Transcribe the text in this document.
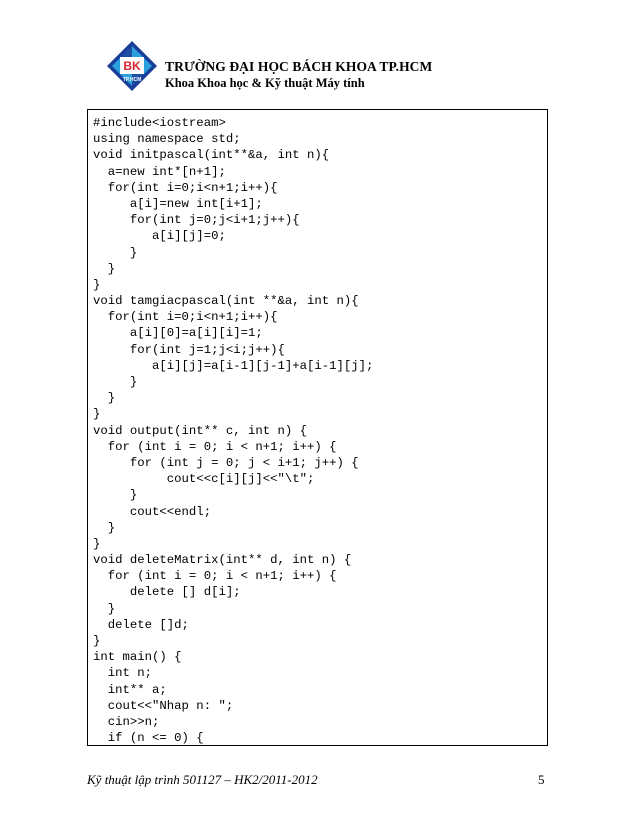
BK
TP.HCM
TRƯỜNG ĐẠI HỌC BÁCH KHOA TP.HCM
Khoa Khoa học & Kỹ thuật Máy tính
#include<iostream>
using namespace std;
void initpascal(int**&a, int n){
a=new int*[n+1];
for(int i=0;i<n+1;i++){
a[i]=new int[i+1];
for(int j=0;j<i+1;j++){
a[i][j]=0;
}
}
}
void tamgiacpascal(int **&a, int n){
for(int i=0;i<n+1;i++){
a[i][0]=a[i][i]=1;
for(int j=1;j<i;j++){
a[i][j]=a[i-1][j-1]+a[i-1][j];
}
}
}
void output(int** c, int n) {
for (int i = 0; i < n+1; i++) {
for (int j = 0; j < i+1; j++) {
cout<<c[i][j]<<"\t";
}
cout<<endl;
}
}
void deleteMatrix(int** d, int n) {
for (int i = 0; i < n+1; i++) {
delete [] d[i];
}
delete []d;
}
int main() {
int n;
int** a;
cout<<"Nhap n: ";
cin>>n;
if (n <= 0) {
Kỹ thuật lập trình 501127 – HK2/2011-2012	5
